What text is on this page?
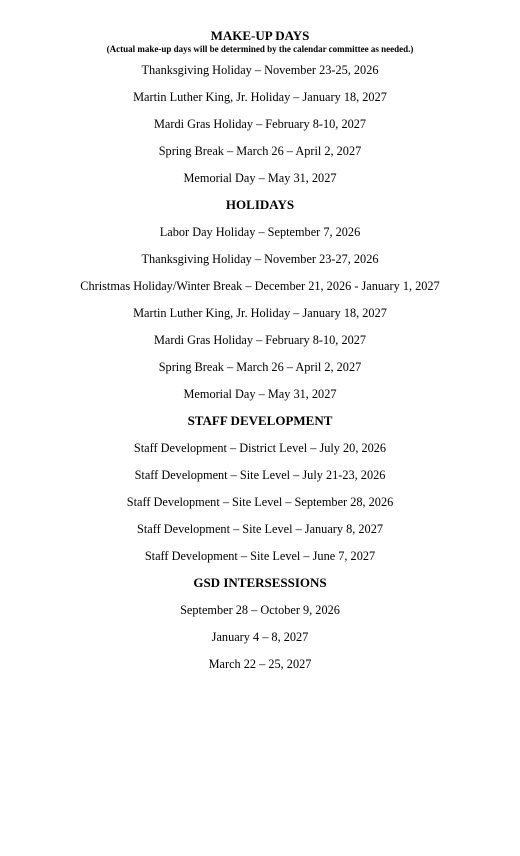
MAKE-UP DAYS
(Actual make-up days will be determined by the calendar committee as needed.)
Thanksgiving Holiday – November 23-25, 2026
Martin Luther King, Jr. Holiday – January 18, 2027
Mardi Gras Holiday – February 8-10, 2027
Spring Break – March 26 – April 2, 2027
Memorial Day – May 31, 2027
HOLIDAYS
Labor Day Holiday – September 7, 2026
Thanksgiving Holiday – November 23-27, 2026
Christmas Holiday/Winter Break – December 21, 2026 - January 1, 2027
Martin Luther King, Jr. Holiday – January 18, 2027
Mardi Gras Holiday – February 8-10, 2027
Spring Break – March 26 – April 2, 2027
Memorial Day – May 31, 2027
STAFF DEVELOPMENT
Staff Development – District Level – July 20, 2026
Staff Development – Site Level – July 21-23, 2026
Staff Development – Site Level – September 28, 2026
Staff Development – Site Level – January 8, 2027
Staff Development – Site Level – June 7, 2027
GSD INTERSESSIONS
September 28 – October 9, 2026
January 4 – 8, 2027
March 22 – 25, 2027
